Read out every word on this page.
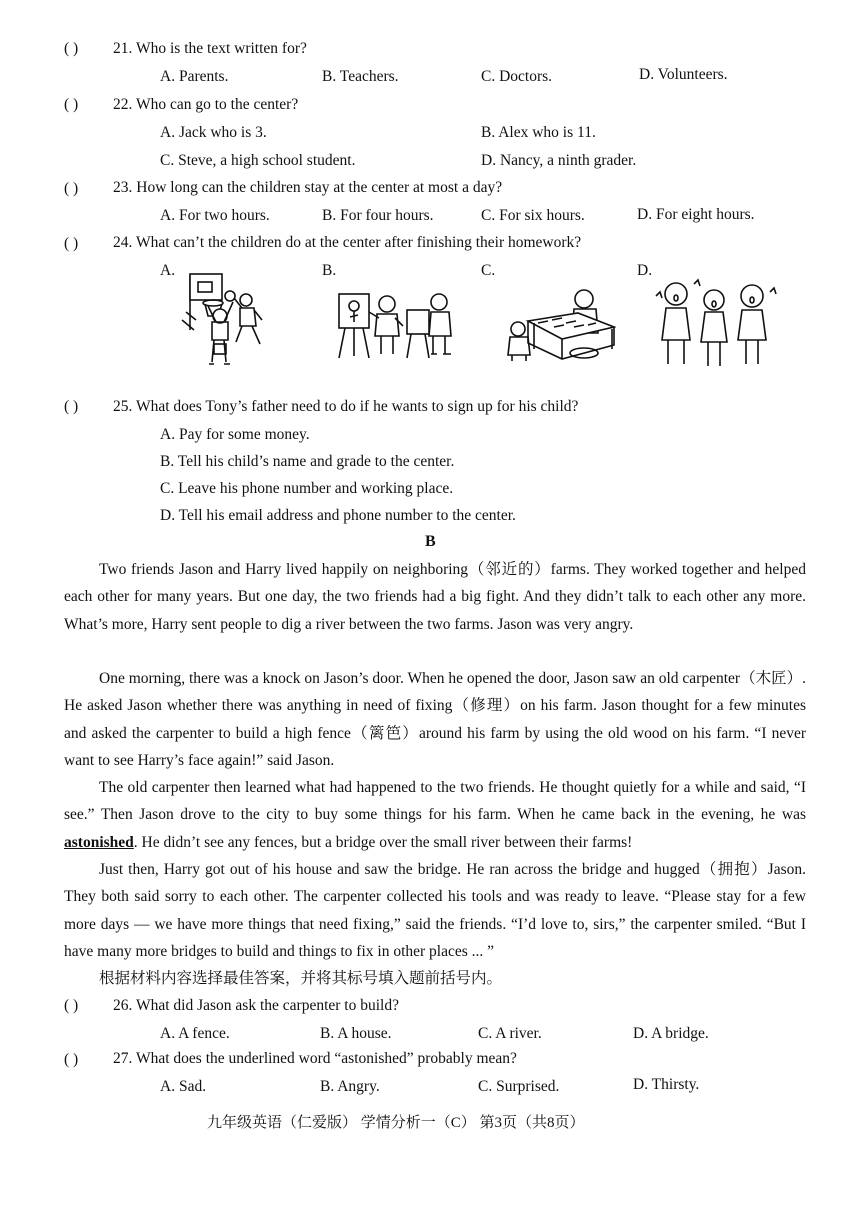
( ) 21. Who is the text written for?
A. Parents.	B. Teachers.	C. Doctors.	D. Volunteers.
( ) 22. Who can go to the center?
A. Jack who is 3.	B. Alex who is 11.
C. Steve, a high school student.	D. Nancy, a ninth grader.
( ) 23. How long can the children stay at the center at most a day?
A. For two hours.	B. For four hours.	C. For six hours.	D. For eight hours.
( ) 24. What can’t the children do at the center after finishing their homework?
A.	B.	C.	D.
( ) 25. What does Tony’s father need to do if he wants to sign up for his child?
A. Pay for some money.
B. Tell his child’s name and grade to the center.
C. Leave his phone number and working place.
D. Tell his email address and phone number to the center.
B
Two friends Jason and Harry lived happily on neighboring（邻近的）farms. They worked together and helped each other for many years. But one day, the two friends had a big fight. And they didn’t talk to each other any more. What’s more, Harry sent people to dig a river between the two farms. Jason was very angry.
One morning, there was a knock on Jason’s door. When he opened the door, Jason saw an old carpenter（木匠）. He asked Jason whether there was anything in need of fixing（修理）on his farm. Jason thought for a few minutes and asked the carpenter to build a high fence（篱笆）around his farm by using the old wood on his farm. “I never want to see Harry’s face again!” said Jason.
The old carpenter then learned what had happened to the two friends. He thought quietly for a while and said, “I see.” Then Jason drove to the city to buy some things for his farm. When he came back in the evening, he was astonished. He didn’t see any fences, but a bridge over the small river between their farms!
Just then, Harry got out of his house and saw the bridge. He ran across the bridge and hugged（拥抱）Jason. They both said sorry to each other. The carpenter collected his tools and was ready to leave. “Please stay for a few more days — we have more things that need fixing,” said the friends. “I’d love to, sirs,” the carpenter smiled. “But I have many more bridges to build and things to fix in other places ... ”
根据材料内容选择最佳答案，并将其标号填入题前括号内。
( ) 26. What did Jason ask the carpenter to build?
A. A fence.	B. A house.	C. A river.	D. A bridge.
( ) 27. What does the underlined word “astonished” probably mean?
A. Sad.	B. Angry.	C. Surprised.	D. Thirsty.
九年级英语（仁爱版） 学情分析一（C） 第3页（共8页）
